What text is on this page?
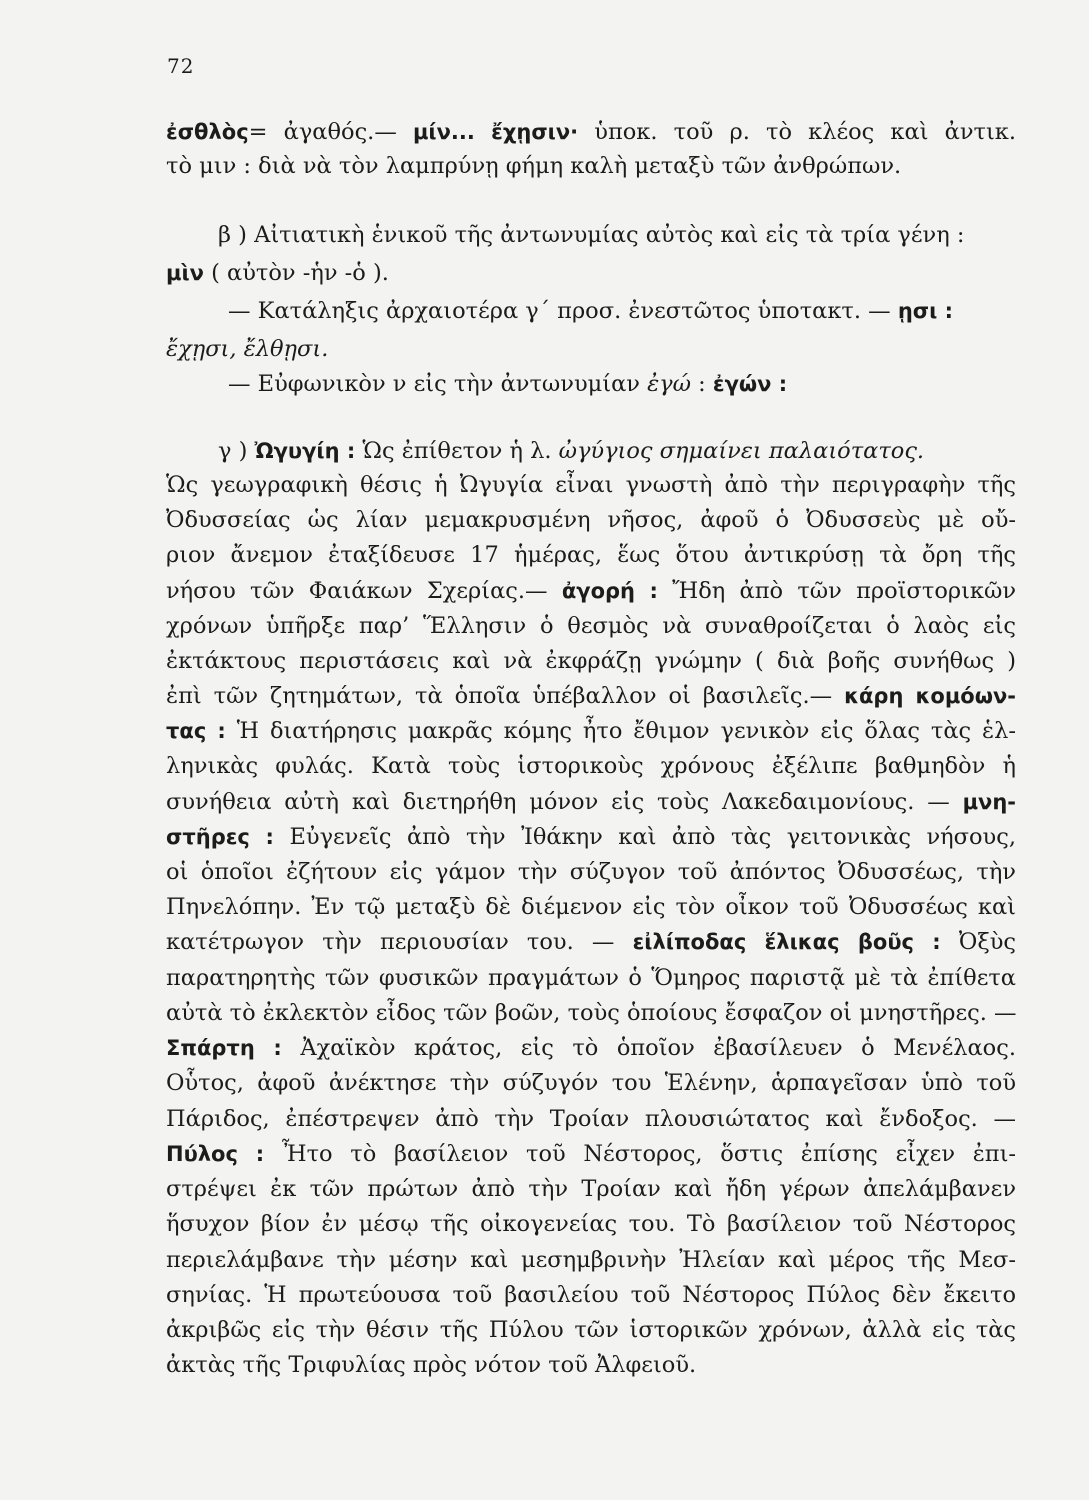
72
ἐσθλὸς= ἀγαθός.— μίν... ἔχῃσιν· ὑποκ. τοῦ ρ. τὸ κλέος καὶ ἀντικ.
τὸ μιν : διὰ νὰ τὸν λαμπρύνῃ φήμη καλὴ μεταξὺ τῶν ἀνθρώπων.
β ) Αἰτιατικὴ ἑνικοῦ τῆς ἀντωνυμίας αὐτὸς καὶ εἰς τὰ τρία γένη :
μὶν ( αὐτὸν -ἡν -ὁ ).
— Κατάληξις ἀρχαιοτέρα γ΄ προσ. ἐνεστῶτος ὑποτακτ. — ῃσι :
ἔχῃσι, ἔλθῃσι.
— Εὐφωνικὸν ν εἰς τὴν ἀντωνυμίαν ἐγώ : ἐγών :
γ ) Ὠγυγίη : Ὡς ἐπίθετον ἡ λ. ὠγύγιος σημαίνει παλαιότατος.
Ὡς γεωγραφικὴ θέσις ἡ Ὠγυγία εἶναι γνωστὴ ἀπὸ τὴν περιγραφὴν τῆς
Ὀδυσσείας ὡς λίαν μεμακρυσμένη νῆσος, ἀφοῦ ὁ Ὀδυσσεὺς μὲ οὔ-
ριον ἄνεμον ἐταξίδευσε 17 ἡμέρας, ἕως ὅτου ἀντικρύσῃ τὰ ὄρη τῆς
νήσου τῶν Φαιάκων Σχερίας.— ἀγορή : Ἤδη ἀπὸ τῶν προϊστορικῶν
χρόνων ὑπῆρξε παρ’ Ἕλλησιν ὁ θεσμὸς νὰ συναθροίζεται ὁ λαὸς εἰς
ἐκτάκτους περιστάσεις καὶ νὰ ἐκφράζῃ γνώμην ( διὰ βοῆς συνήθως )
ἐπὶ τῶν ζητημάτων, τὰ ὁποῖα ὑπέβαλλον οἱ βασιλεῖς.— κάρη κομόων-
τας : Ἡ διατήρησις μακρᾶς κόμης ἦτο ἔθιμον γενικὸν εἰς ὅλας τὰς ἑλ-
ληνικὰς φυλάς. Κατὰ τοὺς ἱστορικοὺς χρόνους ἐξέλιπε βαθμηδὸν ἡ
συνήθεια αὐτὴ καὶ διετηρήθη μόνον εἰς τοὺς Λακεδαιμονίους. — μνη-
στῆρες : Εὐγενεῖς ἀπὸ τὴν Ἰθάκην καὶ ἀπὸ τὰς γειτονικὰς νήσους,
οἱ ὁποῖοι ἐζήτουν εἰς γάμον τὴν σύζυγον τοῦ ἀπόντος Ὀδυσσέως, τὴν
Πηνελόπην. Ἐν τῷ μεταξὺ δὲ διέμενον εἰς τὸν οἶκον τοῦ Ὀδυσσέως καὶ
κατέτρωγον τὴν περιουσίαν του. — εἰλίποδας ἕλικας βοῦς : Ὀξὺς
παρατηρητὴς τῶν φυσικῶν πραγμάτων ὁ Ὅμηρος παριστᾷ μὲ τὰ ἐπίθετα
αὐτὰ τὸ ἐκλεκτὸν εἶδος τῶν βοῶν, τοὺς ὁποίους ἔσφαζον οἱ μνηστῆρες. —
Σπάρτη : Ἀχαϊκὸν κράτος, εἰς τὸ ὁποῖον ἐβασίλευεν ὁ Μενέλαος.
Οὗτος, ἀφοῦ ἀνέκτησε τὴν σύζυγόν του Ἑλένην, ἁρπαγεῖσαν ὑπὸ τοῦ
Πάριδος, ἐπέστρεψεν ἀπὸ τὴν Τροίαν πλουσιώτατος καὶ ἔνδοξος. —
Πύλος : Ἦτο τὸ βασίλειον τοῦ Νέστορος, ὅστις ἐπίσης εἶχεν ἐπι-
στρέψει ἐκ τῶν πρώτων ἀπὸ τὴν Τροίαν καὶ ἤδη γέρων ἀπελάμβανεν
ἥσυχον βίον ἐν μέσῳ τῆς οἰκογενείας του. Τὸ βασίλειον τοῦ Νέστορος
περιελάμβανε τὴν μέσην καὶ μεσημβρινὴν Ἠλείαν καὶ μέρος τῆς Μεσ-
σηνίας. Ἡ πρωτεύουσα τοῦ βασιλείου τοῦ Νέστορος Πύλος δὲν ἔκειτο
ἀκριβῶς εἰς τὴν θέσιν τῆς Πύλου τῶν ἱστορικῶν χρόνων, ἀλλὰ εἰς τὰς
ἀκτὰς τῆς Τριφυλίας πρὸς νότον τοῦ Ἀλφειοῦ.
